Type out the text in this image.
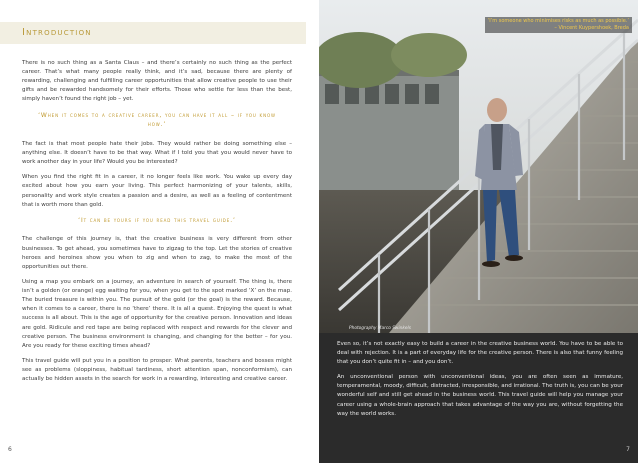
Introduction

There is no such thing as a Santa Claus – and there’s certainly no such thing as the perfect career. That’s what many people really think, and it’s sad, because there are plenty of rewarding, challenging and fulfilling career opportunities that allow creative people to use their gifts and be rewarded handsomely for their efforts. Those who settle for less than the best, simply haven’t found the right job – yet.

‘When it comes to a creative career, you can have it all – if you know how.’

The fact is that most people hate their jobs. They would rather be doing something else – anything else. It doesn’t have to be that way. What if I told you that you would never have to work another day in your life? Would you be interested?

When you find the right fit in a career, it no longer feels like work. You wake up every day excited about how you earn your living. This perfect harmonizing of your talents, skills, personality and work style creates a passion and a desire, as well as a feeling of contentment that is worth more than gold.

‘It can be yours if you read this travel guide.’

The challenge of this journey is, that the creative business is very different from other businesses. To get ahead, you sometimes have to zigzag to the top. Let the stories of creative heroes and heroines show you when to zig and when to zag, to make the most of the opportunities out there.

Using a map you embark on a journey, an adventure in search of yourself. The thing is, there isn’t a golden (or orange) egg waiting for you, when you get to the spot marked ‘X’ on the map. The buried treasure is within you. The pursuit of the gold (or the goal) is the reward. Because, when it comes to a career, there is no ‘there’ there. It is all a quest. Enjoying the quest is what success is all about. This is the age of opportunity for the creative person. Innovation and ideas are gold. Ridicule and red tape are being replaced with respect and rewards for the clever and creative person. The business environment is changing, and changing for the better – for you. Are you ready for these exciting times ahead?

This travel guide will put you in a position to prosper. What parents, teachers and bosses might see as problems (sloppiness, habitual tardiness, short attention span, nonconformism), can actually be hidden assets in the search for work in a rewarding, interesting and creative career.

6
‘I’m someone who minimises risks as much as possible.’
– Vincent Kuypershoek, Breda
Photography Marco Swinkels

Even so, it’s not exactly easy to build a career in the creative business world. You have to be able to deal with rejection. It is a part of everyday life for the creative person. There is also that funny feeling that you don’t quite fit in – and you don’t.

An unconventional person with unconventional ideas, you are often seen as immature, temperamental, moody, difficult, distracted, irresponsible, and irrational. The truth is, you can be your wonderful self and still get ahead in the business world. This travel guide will help you manage your career using a whole-brain approach that takes advantage of the way you are, without forgetting the way the world works.

7
